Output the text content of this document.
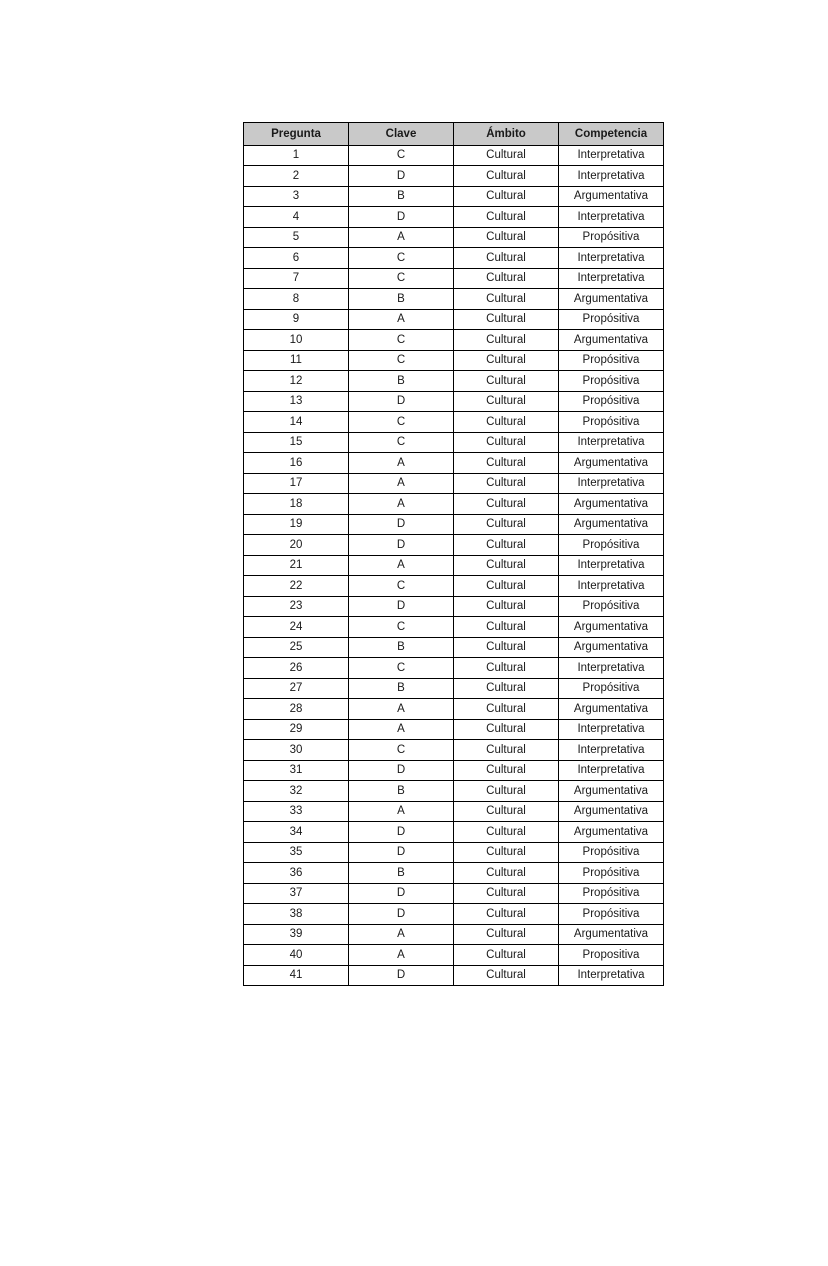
Pregunta	Clave	Ámbito	Competencia
1	C	Cultural	Interpretativa
2	D	Cultural	Interpretativa
3	B	Cultural	Argumentativa
4	D	Cultural	Interpretativa
5	A	Cultural	Propósitiva
6	C	Cultural	Interpretativa
7	C	Cultural	Interpretativa
8	B	Cultural	Argumentativa
9	A	Cultural	Propósitiva
10	C	Cultural	Argumentativa
11	C	Cultural	Propósitiva
12	B	Cultural	Propósitiva
13	D	Cultural	Propósitiva
14	C	Cultural	Propósitiva
15	C	Cultural	Interpretativa
16	A	Cultural	Argumentativa
17	A	Cultural	Interpretativa
18	A	Cultural	Argumentativa
19	D	Cultural	Argumentativa
20	D	Cultural	Propósitiva
21	A	Cultural	Interpretativa
22	C	Cultural	Interpretativa
23	D	Cultural	Propósitiva
24	C	Cultural	Argumentativa
25	B	Cultural	Argumentativa
26	C	Cultural	Interpretativa
27	B	Cultural	Propósitiva
28	A	Cultural	Argumentativa
29	A	Cultural	Interpretativa
30	C	Cultural	Interpretativa
31	D	Cultural	Interpretativa
32	B	Cultural	Argumentativa
33	A	Cultural	Argumentativa
34	D	Cultural	Argumentativa
35	D	Cultural	Propósitiva
36	B	Cultural	Propósitiva
37	D	Cultural	Propósitiva
38	D	Cultural	Propósitiva
39	A	Cultural	Argumentativa
40	A	Cultural	Propositiva
41	D	Cultural	Interpretativa
